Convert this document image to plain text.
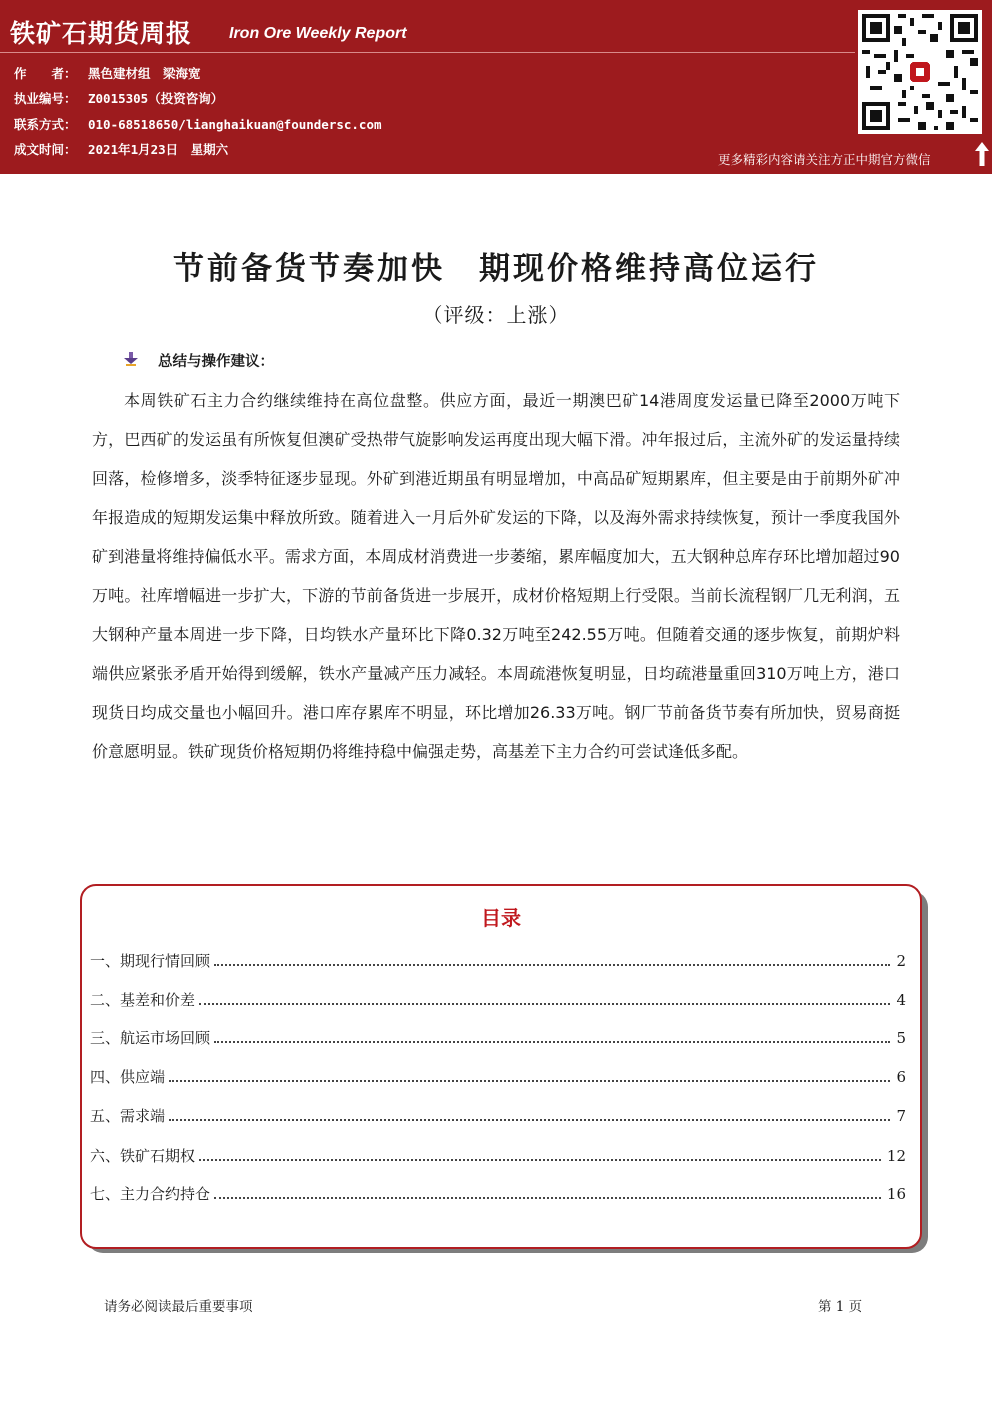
铁矿石期货周报 Iron Ore Weekly Report
作　　者： 黑色建材组　梁海宽
执业编号： Z0015305（投资咨询）
联系方式： 010-68518650/lianghaikuan@foundersc.com
成文时间： 2021年1月23日　星期六
更多精彩内容请关注方正中期官方微信
节前备货节奏加快　期现价格维持高位运行
（评级：上涨）
总结与操作建议：
本周铁矿石主力合约继续维持在高位盘整。供应方面，最近一期澳巴矿14港周度发运量已降至2000万吨下方，巴西矿的发运虽有所恢复但澳矿受热带气旋影响发运再度出现大幅下滑。冲年报过后，主流外矿的发运量持续回落，检修增多，淡季特征逐步显现。外矿到港近期虽有明显增加，中高品矿短期累库，但主要是由于前期外矿冲年报造成的短期发运集中释放所致。随着进入一月后外矿发运的下降，以及海外需求持续恢复，预计一季度我国外矿到港量将维持偏低水平。需求方面，本周成材消费进一步萎缩，累库幅度加大，五大钢种总库存环比增加超过90万吨。社库增幅进一步扩大，下游的节前备货进一步展开，成材价格短期上行受限。当前长流程钢厂几无利润，五大钢种产量本周进一步下降，日均铁水产量环比下降0.32万吨至242.55万吨。但随着交通的逐步恢复，前期炉料端供应紧张矛盾开始得到缓解，铁水产量减产压力减轻。本周疏港恢复明显，日均疏港量重回310万吨上方，港口现货日均成交量也小幅回升。港口库存累库不明显，环比增加26.33万吨。钢厂节前备货节奏有所加快，贸易商挺价意愿明显。铁矿现货价格短期仍将维持稳中偏强走势，高基差下主力合约可尝试逢低多配。
目录
一、期现行情回顾	2
二、基差和价差	4
三、航运市场回顾	5
四、供应端	6
五、需求端	7
六、铁矿石期权	12
七、主力合约持仓	16
请务必阅读最后重要事项	第 1 页
